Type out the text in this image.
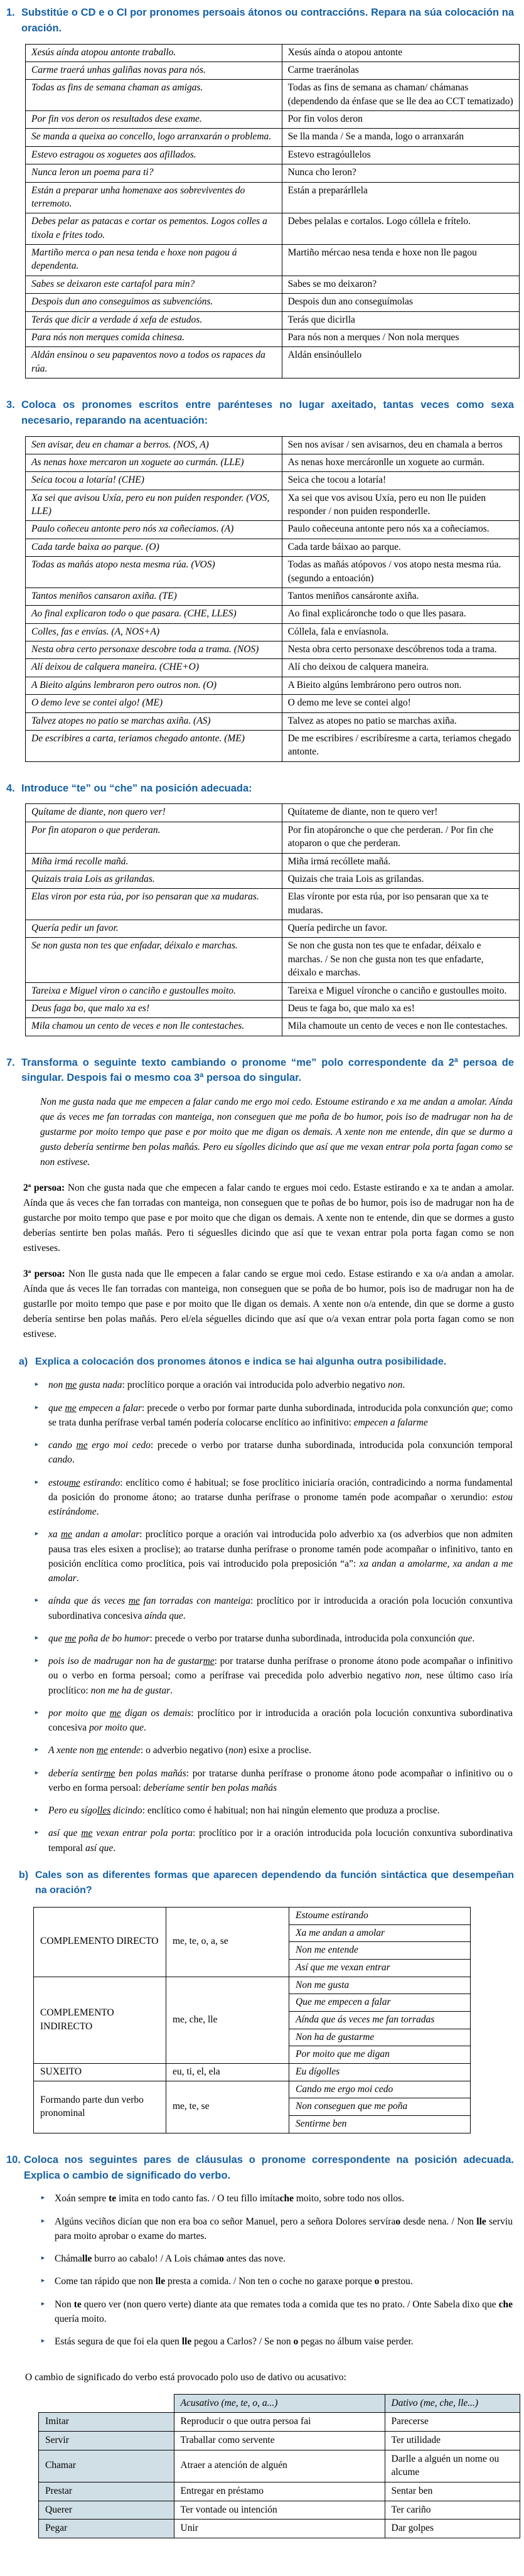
1. Substitúe o CD e o CI por pronomes persoais átonos ou contraccións. Repara na súa colocación na oración.
Xesús aínda atopou antonte traballo.	Xesús aínda o atopou antonte
Carme traerá unhas galiñas novas para nós.	Carme traeránolas
Todas as fins de semana chaman as amigas.	Todas as fins de semana as chaman/ chámanas (dependendo da énfase que se lle dea ao CCT tematizado)
Por fin vos deron os resultados dese exame.	Por fin volos deron
Se manda a queixa ao concello, logo arranxarán o problema.	Se lla manda / Se a manda, logo o arranxarán
Estevo estragou os xoguetes aos afillados.	Estevo estragóullelos
Nunca leron un poema para ti?	Nunca cho leron?
Están a preparar unha homenaxe aos sobreviventes do terremoto.	Están a preparárllela
Debes pelar as patacas e cortar os pementos. Logos colles a tixola e frites todo.	Debes pelalas e cortalos. Logo cóllela e frítelo.
Martiño merca o pan nesa tenda e hoxe non pagou á dependenta.	Martiño mércao nesa tenda e hoxe non lle pagou
Sabes se deixaron este cartafol para min?	Sabes se mo deixaron?
Despois dun ano conseguimos as subvencións.	Despois dun ano conseguímolas
Terás que dicir a verdade á xefa de estudos.	Terás que dicirlla
Para nós non merques comida chinesa.	Para nós non a merques / Non nola merques
Aldán ensinou o seu papaventos novo a todos os rapaces da rúa.	Aldán ensinóullelo
3. Coloca os pronomes escritos entre parénteses no lugar axeitado, tantas veces como sexa necesario, reparando na acentuación:
Sen avisar, deu en chamar a berros. (NOS, A)	Sen nos avisar / sen avisarnos, deu en chamala a berros
As nenas hoxe mercaron un xoguete ao curmán. (LLE)	As nenas hoxe mercáronlle un xoguete ao curmán.
Seica tocou a lotaría! (CHE)	Seica che tocou a lotaría!
Xa sei que avisou Uxía, pero eu non puiden responder. (VOS, LLE)	Xa sei que vos avisou Uxía, pero eu non lle puiden responder / non puiden responderlle.
Paulo coñeceu antonte pero nós xa coñeciamos. (A)	Paulo coñeceuna antonte pero nós xa a coñeciamos.
Cada tarde baixa ao parque. (O)	Cada tarde báixao ao parque.
Todas as mañás atopo nesta mesma rúa. (VOS)	Todas as mañás atópovos / vos atopo nesta mesma rúa. (segundo a entoación)
Tantos meniños cansaron axiña. (TE)	Tantos meniños cansáronte axiña.
Ao final explicaron todo o que pasara. (CHE, LLES)	Ao final explicáronche todo o que lles pasara.
Colles, fas e envías. (A, NOS+A)	Cóllela, fala e envíasnola.
Nesta obra certo personaxe descobre toda a trama. (NOS)	Nesta obra certo personaxe descóbrenos toda a trama.
Alí deixou de calquera maneira. (CHE+O)	Alí cho deixou de calquera maneira.
A Bieito algúns lembraron pero outros non. (O)	A Bieito algúns lembrárono pero outros non.
O demo leve se contei algo! (ME)	O demo me leve se contei algo!
Talvez atopes no patio se marchas axiña. (AS)	Talvez as atopes no patio se marchas axiña.
De escribires a carta, teriamos chegado antonte. (ME)	De me escribires / escribíresme a carta, teriamos chegado antonte.
4. Introduce “te” ou “che” na posición adecuada:
Quítame de diante, non quero ver!	Quítateme de diante, non te quero ver!
Por fin atoparon o que perderan.	Por fin atopáronche o que che perderan. / Por fin che atoparon o que che perderan.
Miña irmá recolle mañá.	Miña irmá recóllete mañá.
Quizais traia Lois as grilandas.	Quizais che traia Lois as grilandas.
Elas viron por esta rúa, por iso pensaran que xa mudaras.	Elas víronte por esta rúa, por iso pensaran que xa te mudaras.
Quería pedir un favor.	Quería pedirche un favor.
Se non gusta non tes que enfadar, déixalo e marchas.	Se non che gusta non tes que te enfadar, déixalo e marchas. / Se non che gusta non tes que enfadarte, déixalo e marchas.
Tareixa e Miguel viron o canciño e gustoulles moito.	Tareixa e Miguel víronche o canciño e gustoulles moito.
Deus faga bo, que malo xa es!	Deus te faga bo, que malo xa es!
Mila chamou un cento de veces e non lle contestaches.	Mila chamoute un cento de veces e non lle contestaches.
7. Transforma o seguinte texto cambiando o pronome “me” polo correspondente da 2ª persoa de singular. Despois fai o mesmo coa 3ª persoa do singular.

Non me gusta nada que me empecen a falar cando me ergo moi cedo. Estoume estirando e xa me andan a amolar. Aínda que ás veces me fan torradas con manteiga, non conseguen que me poña de bo humor, pois iso de madrugar non ha de gustarme por moito tempo que pase e por moito que me digan os demais. A xente non me entende, din que se durmo a gusto debería sentirme ben polas mañás. Pero eu sígolles dicindo que así que me vexan entrar pola porta fagan como se non estivese.

2ª persoa: Non che gusta nada que che empecen a falar cando te ergues moi cedo. Estaste estirando e xa te andan a amolar. Aínda que ás veces che fan torradas con manteiga, non conseguen que te poñas de bo humor, pois iso de madrugar non ha de gustarche por moito tempo que pase e por moito que che digan os demais. A xente non te entende, din que se dormes a gusto deberías sentirte ben polas mañás. Pero ti ségueslles dicindo que así que te vexan entrar pola porta fagan como se non estiveses.

3ª persoa: Non lle gusta nada que lle empecen a falar cando se ergue moi cedo. Estase estirando e xa o/a andan a amolar. Aínda que ás veces lle fan torradas con manteiga, non conseguen que se poña de bo humor, pois iso de madrugar non ha de gustarlle por moito tempo que pase e por moito que lle digan os demais. A xente non o/a entende, din que se dorme a gusto debería sentirse ben polas mañás. Pero el/ela séguelles dicindo que así que o/a vexan entrar pola porta fagan como se non estivese.

a) Explica a colocación dos pronomes átonos e indica se hai algunha outra posibilidade.
► non me gusta nada: proclítico porque a oración vai introducida polo adverbio negativo non.
► que me empecen a falar: precede o verbo por formar parte dunha subordinada, introducida pola conxunción que; como se trata dunha perífrase verbal tamén podería colocarse enclítico ao infinitivo: empecen a falarme
► cando me ergo moi cedo: precede o verbo por tratarse dunha subordinada, introducida pola conxunción temporal cando.
► estoume estirando: enclítico como é habitual; se fose proclítico iniciaría oración, contradicindo a norma fundamental da posición do pronome átono; ao tratarse dunha perífrase o pronome tamén pode acompañar o xerundio: estou estirándome.
► xa me andan a amolar: proclítico porque a oración vai introducida polo adverbio xa (os adverbios que non admiten pausa tras eles esixen a proclise); ao tratarse dunha perífrase o pronome tamén pode acompañar o infinitivo, tanto en posición enclítica como proclítica, pois vai introducido pola preposición “a”: xa andan a amolarme, xa andan a me amolar.
► aínda que ás veces me fan torradas con manteiga: proclítico por ir introducida a oración pola locución conxuntiva subordinativa concesiva aínda que.
► que me poña de bo humor: precede o verbo por tratarse dunha subordinada, introducida pola conxunción que.
► pois iso de madrugar non ha de gustarme: por tratarse dunha perífrase o pronome átono pode acompañar o infinitivo ou o verbo en forma persoal; como a perífrase vai precedida polo adverbio negativo non, nese último caso iría proclítico: non me ha de gustar.
► por moito que me digan os demais: proclítico por ir introducida a oración pola locución conxuntiva subordinativa concesiva por moito que.
► A xente non me entende: o adverbio negativo (non) esixe a proclise.
► debería sentirme ben polas mañás: por tratarse dunha perífrase o pronome átono pode acompañar o infinitivo ou o verbo en forma persoal: deberíame sentir ben polas mañás
► Pero eu sígolles dicindo: enclítico como é habitual; non hai ningún elemento que produza a proclise.
► así que me vexan entrar pola porta: proclítico por ir a oración introducida pola locución conxuntiva subordinativa temporal así que.
b) Cales son as diferentes formas que aparecen dependendo da función sintáctica que desempeñan na oración?
COMPLEMENTO DIRECTO	me, te, o, a, se	Estoume estirando
		Xa me andan a amolar
		Non me entende
		Así que me vexan entrar
COMPLEMENTO INDIRECTO	me, che, lle	Non me gusta
		Que me empecen a falar
		Aínda que ás veces me fan torradas
		Non ha de gustarme
		Por moito que me digan
SUXEITO	eu, ti, el, ela	Eu dígolles
Formando parte dun verbo pronominal	me, te, se	Cando me ergo moi cedo
		Non conseguen que me poña
		Sentirme ben
10. Coloca nos seguintes pares de cláusulas o pronome correspondente na posición adecuada. Explica o cambio de significado do verbo.
► Xoán sempre te imita en todo canto fas. / O teu fillo imítache moito, sobre todo nos ollos.
► Algúns veciños dicían que non era boa co señor Manuel, pero a señora Dolores servírao desde nena. / Non lle serviu para moito aprobar o exame do martes.
► Chámalle burro ao cabalo! / A Lois chámao antes das nove.
► Come tan rápido que non lle presta a comida. / Non ten o coche no garaxe porque o prestou.
► Non te quero ver (non quero verte) diante ata que remates toda a comida que tes no prato. / Onte Sabela dixo que che quería moito.
► Estás segura de que foi ela quen lle pegou a Carlos? / Se non o pegas no álbum vaise perder.

O cambio de significado do verbo está provocado polo uso de dativo ou acusativo:

	Acusativo (me, te, o, a...)	Dativo (me, che, lle...)
Imitar	Reproducir o que outra persoa fai	Parecerse
Servir	Traballar como servente	Ter utilidade
Chamar	Atraer a atención de alguén	Darlle a alguén un nome ou alcume
Prestar	Entregar en préstamo	Sentar ben
Querer	Ter vontade ou intención	Ter cariño
Pegar	Unir	Dar golpes
